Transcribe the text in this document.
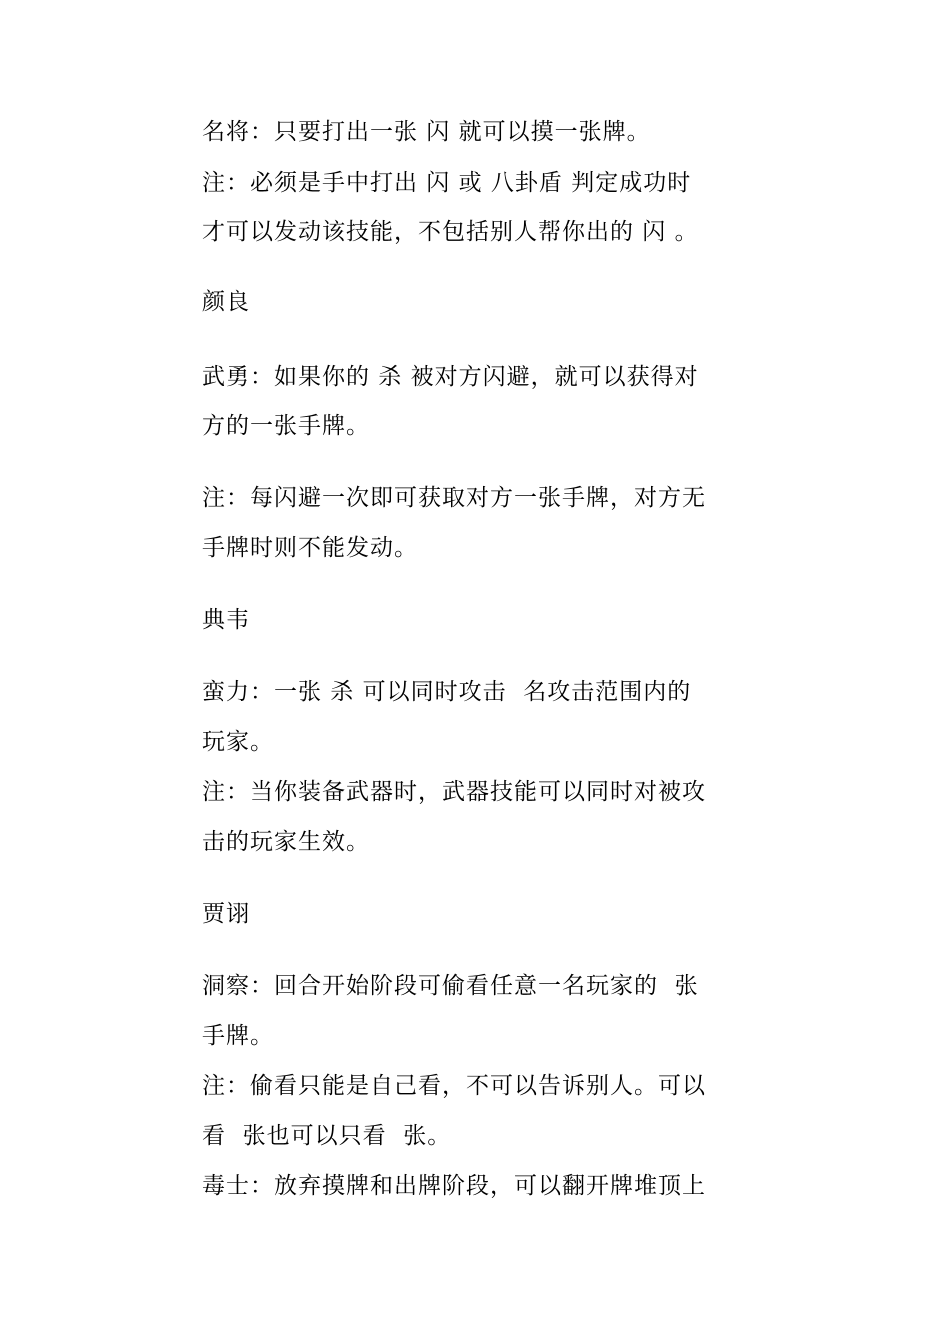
名将：只要打出一张 闪 就可以摸一张牌。
注：必须是手中打出 闪 或 八卦盾 判定成功时
才可以发动该技能，不包括别人帮你出的 闪 。
颜良
武勇：如果你的 杀 被对方闪避，就可以获得对
方的一张手牌。
注：每闪避一次即可获取对方一张手牌，对方无
手牌时则不能发动。
典韦
蛮力：一张 杀 可以同时攻击  名攻击范围内的
玩家。
注：当你装备武器时，武器技能可以同时对被攻
击的玩家生效。
贾诩
洞察：回合开始阶段可偷看任意一名玩家的  张
手牌。
注：偷看只能是自己看，不可以告诉别人。可以
看  张也可以只看  张。
毒士：放弃摸牌和出牌阶段，可以翻开牌堆顶上
